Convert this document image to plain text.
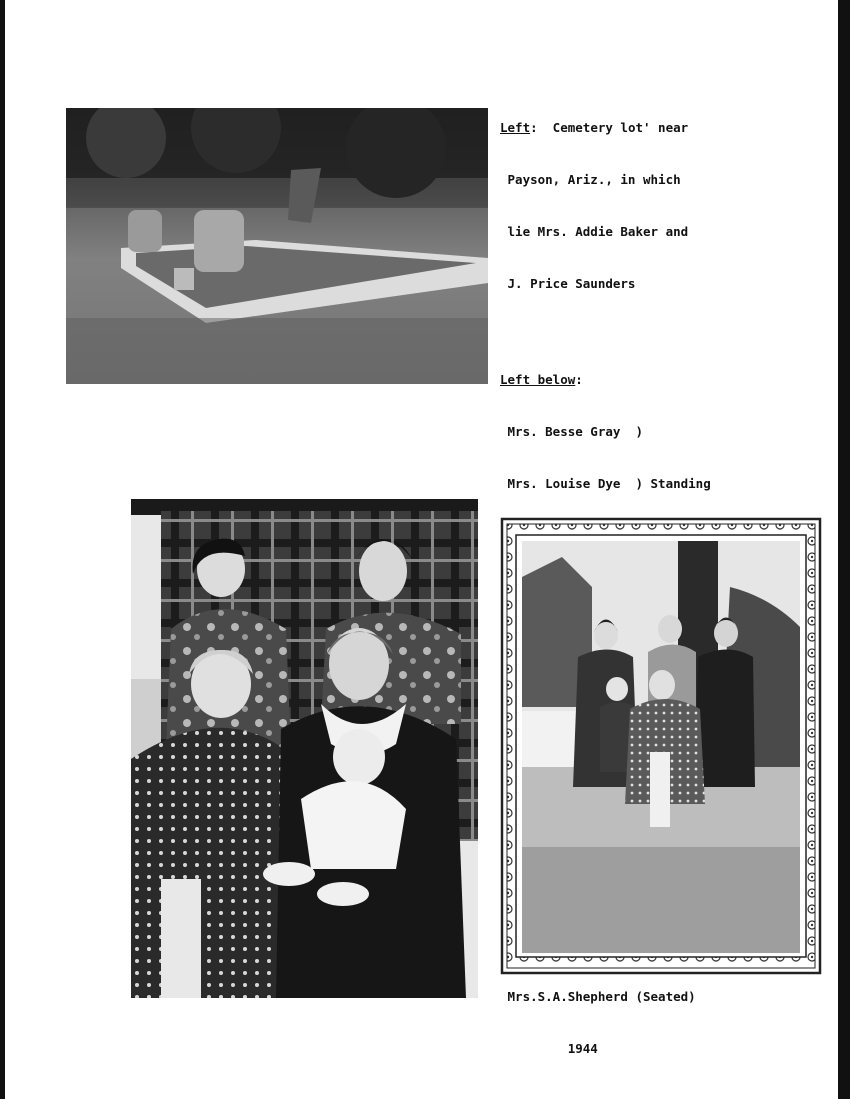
Left:  Cemetery lot' near

Payson, Ariz., in which

lie Mrs. Addie Baker and

J. Price Saunders

Left below:

Mrs. Besse Gray  )

Mrs. Louise Dye  ) Standing

Mrs.S.A.Shepherd (Seated)

1944
